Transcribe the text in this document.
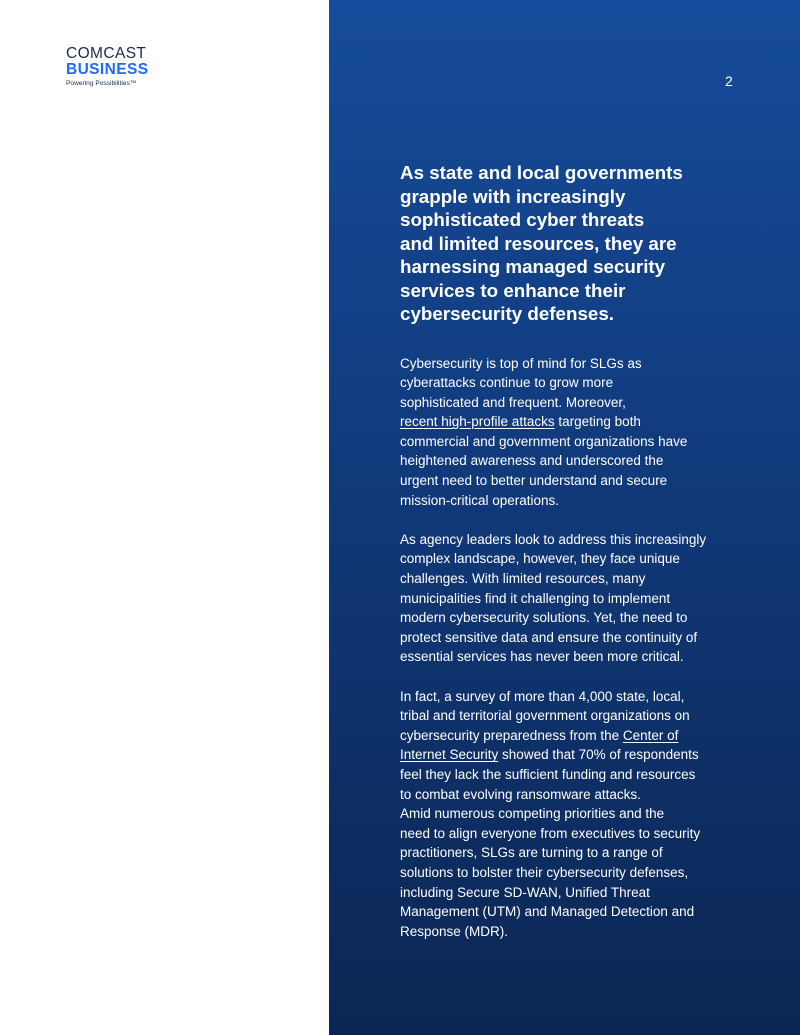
COMCAST
BUSINESS
Powering Possibilities™	2
As state and local governments
grapple with increasingly
sophisticated cyber threats
and limited resources, they are
harnessing managed security
services to enhance their
cybersecurity defenses.

Cybersecurity is top of mind for SLGs as
cyberattacks continue to grow more
sophisticated and frequent. Moreover,
recent high-profile attacks targeting both
commercial and government organizations have
heightened awareness and underscored the
urgent need to better understand and secure
mission-critical operations.

As agency leaders look to address this increasingly
complex landscape, however, they face unique
challenges. With limited resources, many
municipalities find it challenging to implement
modern cybersecurity solutions. Yet, the need to
protect sensitive data and ensure the continuity of
essential services has never been more critical.

In fact, a survey of more than 4,000 state, local,
tribal and territorial government organizations on
cybersecurity preparedness from the Center of
Internet Security showed that 70% of respondents
feel they lack the sufficient funding and resources
to combat evolving ransomware attacks.

Amid numerous competing priorities and the
need to align everyone from executives to security
practitioners, SLGs are turning to a range of
solutions to bolster their cybersecurity defenses,
including Secure SD-WAN, Unified Threat
Management (UTM) and Managed Detection and
Response (MDR).
